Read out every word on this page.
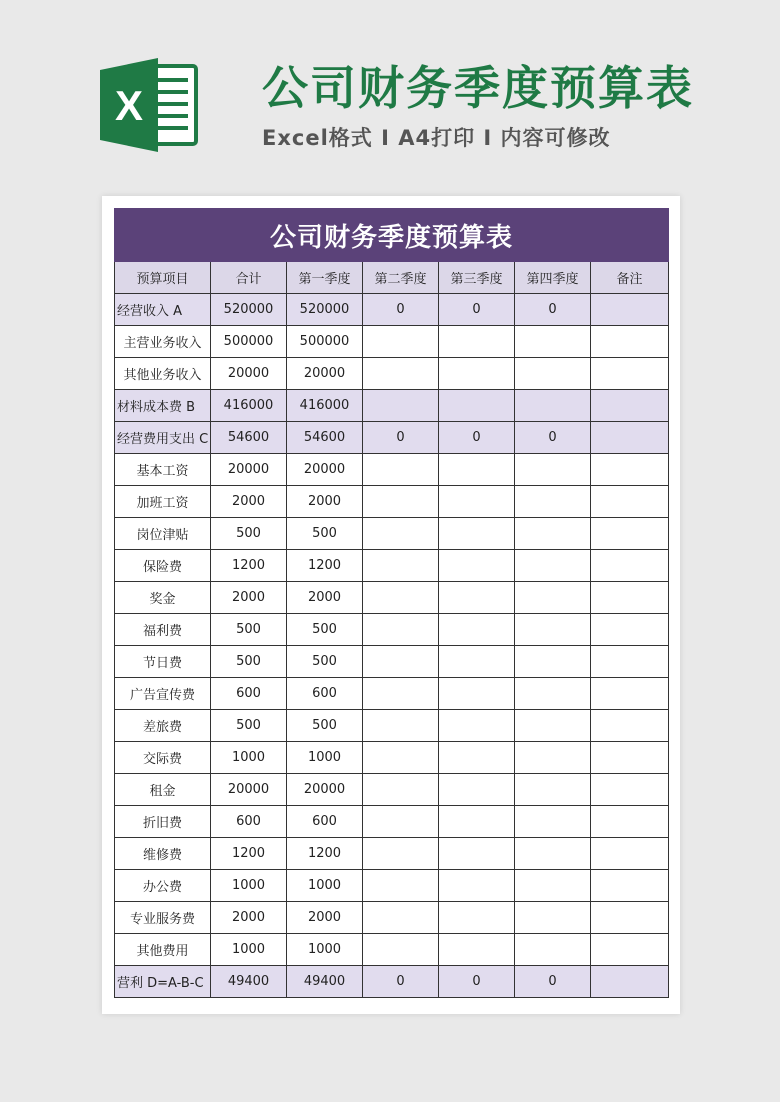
X	公司财务季度预算表
Excel格式 I A4打印 I 内容可修改
公司财务季度预算表						
预算项目	合计	第一季度	第二季度	第三季度	第四季度	备注
经营收入 A	520000	520000	0	0	0	
主营业务收入	500000	500000				
其他业务收入	20000	20000				
材料成本费 B	416000	416000				
经营费用支出 C	54600	54600	0	0	0	
基本工资	20000	20000				
加班工资	2000	2000				
岗位津贴	500	500				
保险费	1200	1200				
奖金	2000	2000				
福利费	500	500				
节日费	500	500				
广告宣传费	600	600				
差旅费	500	500				
交际费	1000	1000				
租金	20000	20000				
折旧费	600	600				
维修费	1200	1200				
办公费	1000	1000				
专业服务费	2000	2000				
其他费用	1000	1000				
营利 D=A-B-C	49400	49400	0	0	0	
